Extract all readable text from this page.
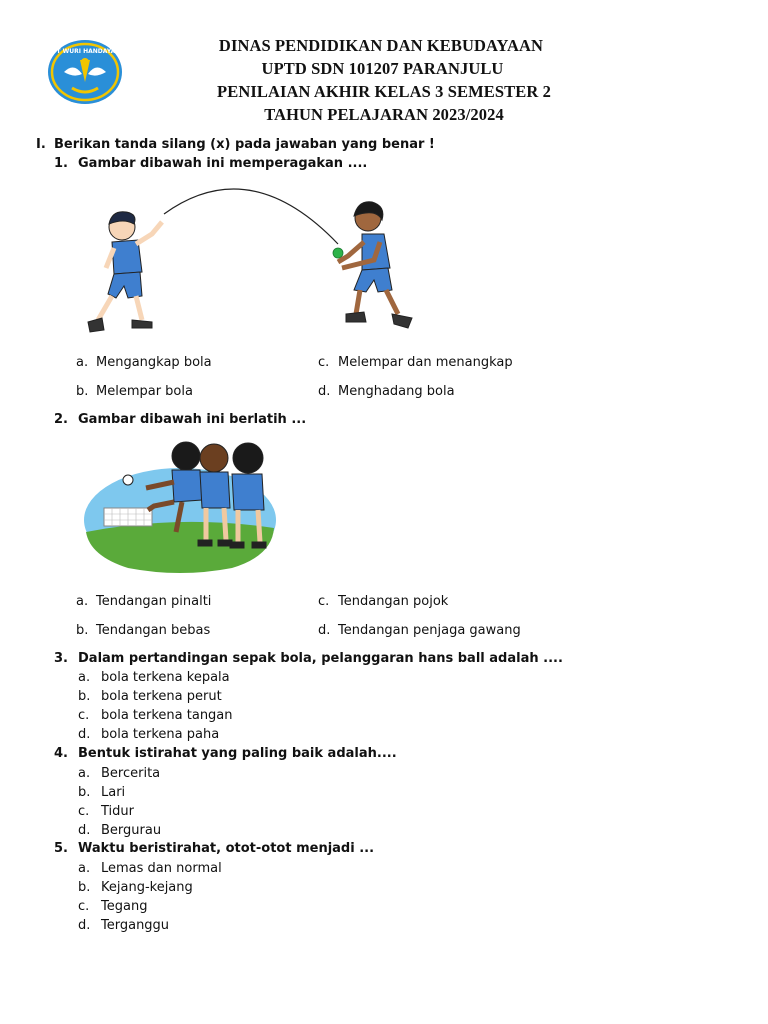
TUT WURI HANDAYANI	DINAS PENDIDIKAN DAN KEBUDAYAAN
UPTD SDN 101207 PARANJULU
PENILAIAN AKHIR KELAS 3 SEMESTER 2
TAHUN PELAJARAN 2023/2024
I. Berikan tanda silang (x) pada jawaban yang benar !
1. Gambar dibawah ini memperagakan ....
a. Mengangkap bola
b. Melempar bola
c. Melempar dan menangkap
d. Menghadang bola
2. Gambar dibawah ini berlatih ...
a. Tendangan pinalti
b. Tendangan bebas
c. Tendangan pojok
d. Tendangan penjaga gawang
3. Dalam pertandingan sepak bola, pelanggaran hans ball adalah ....
a. bola terkena kepala
b. bola terkena perut
c. bola terkena tangan
d. bola terkena paha
4. Bentuk istirahat yang paling baik adalah....
a. Bercerita
b. Lari
c. Tidur
d. Bergurau
5. Waktu beristirahat, otot-otot menjadi ...
a. Lemas dan normal
b. Kejang-kejang
c. Tegang
d. Terganggu
